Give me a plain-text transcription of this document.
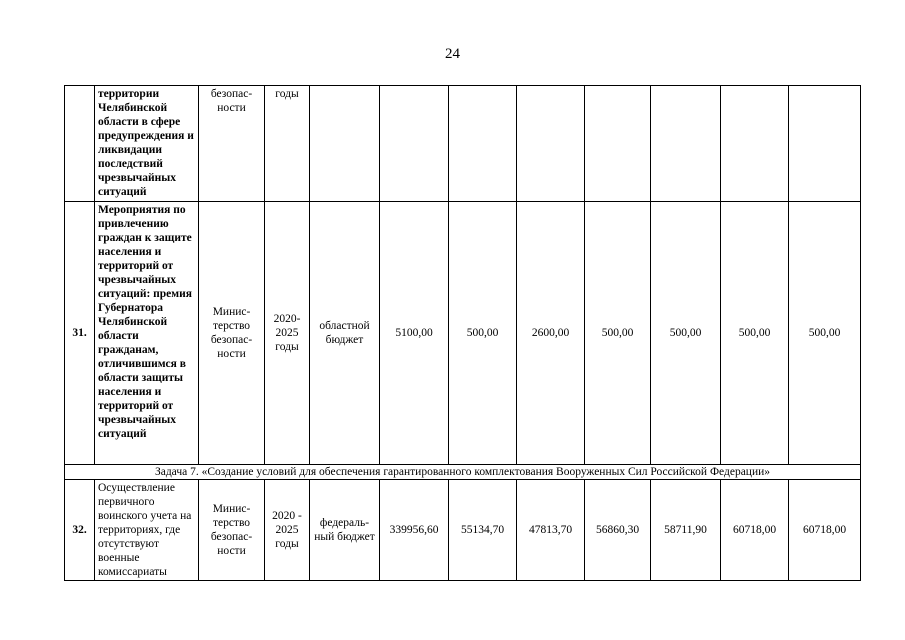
24
	территории Челябинской области в сфере предупреждения и ликвидации последствий чрезвычайных ситуаций	безопас-ности	годы								
31.	Мероприятия по привлечению граждан к защите населения и территорий от чрезвычайных ситуаций: премия Губернатора Челябинской области гражданам, отличившимся в области защиты населения и территорий от чрезвычайных ситуаций	Минис-терство безопас-ности	2020-2025 годы	областной бюджет	5100,00	500,00	2600,00	500,00	500,00	500,00	500,00
Задача 7. «Создание условий для обеспечения гарантированного комплектования Вооруженных Сил Российской Федерации»											
32.	Осуществление первичного воинского учета на территориях, где отсутствуют военные комиссариаты	Минис-терство безопас-ности	2020 - 2025 годы	федераль-ный бюджет	339956,60	55134,70	47813,70	56860,30	58711,90	60718,00	60718,00
